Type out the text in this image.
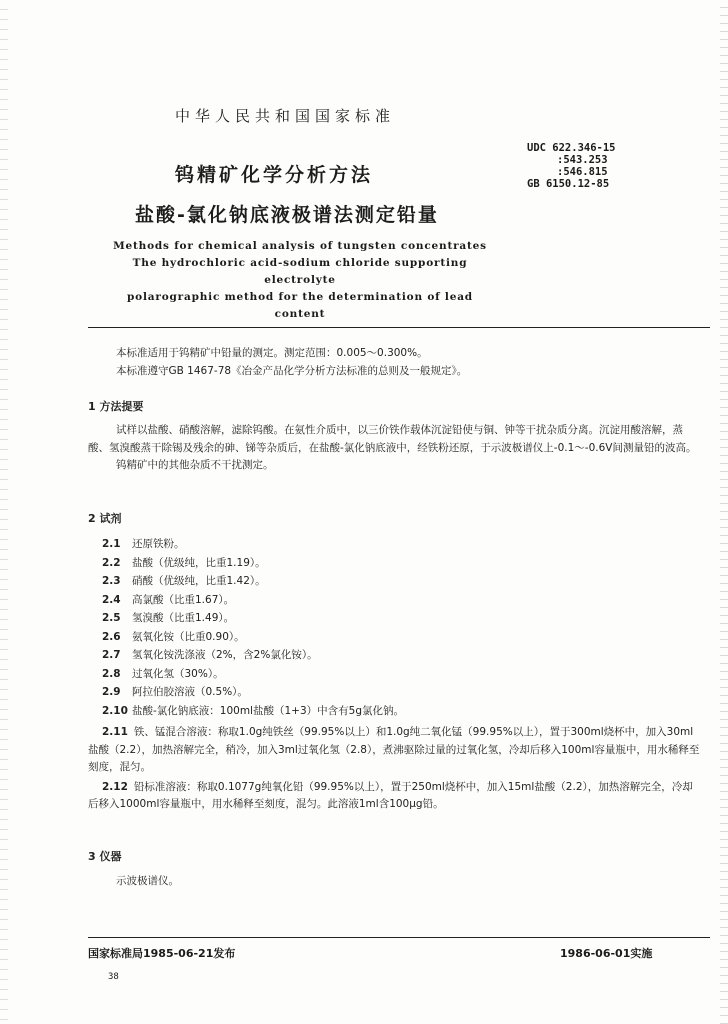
中华人民共和国国家标准
UDC 622.346-15
:543.253
:546.815
GB 6150.12-85
钨精矿化学分析方法
盐酸-氯化钠底液极谱法测定铅量
Methods for chemical analysis of tungsten concentrates
The hydrochloric acid-sodium chloride supporting electrolyte
polarographic method for the determination of lead content

本标准适用于钨精矿中铅量的测定。测定范围：0.005～0.300%。

本标准遵守GB 1467-78《冶金产品化学分析方法标准的总则及一般规定》。

1 方法提要

试样以盐酸、硝酸溶解，滤除钨酸。在氨性介质中，以三价铁作载体沉淀铅使与铜、钟等干扰杂质分离。沉淀用酸溶解，蒸酸、氢溴酸蒸干除锡及残余的砷、锑等杂质后，在盐酸-氯化钠底液中，经铁粉还原，于示波极谱仪上-0.1～-0.6V间测量铅的波高。

钨精矿中的其他杂质不干扰测定。

2 试剂

2.1 还原铁粉。

2.2 盐酸（优级纯，比重1.19）。

2.3 硝酸（优级纯，比重1.42）。

2.4 高氯酸（比重1.67）。

2.5 氢溴酸（比重1.49）。

2.6 氨氧化铵（比重0.90）。

2.7 氢氧化铵洗涤液（2%，含2%氯化铵）。

2.8 过氧化氢（30%）。

2.9 阿拉伯胶溶液（0.5%）。

2.10 盐酸-氯化钠底液：100ml盐酸（1+3）中含有5g氯化钠。

2.11 铁、锰混合溶液：称取1.0g纯铁丝（99.95%以上）和1.0g纯二氧化锰（99.95%以上），置于300ml烧杯中，加入30ml盐酸（2.2），加热溶解完全，稍冷，加入3ml过氧化氢（2.8），煮沸驱除过量的过氧化氢，冷却后移入100ml容量瓶中，用水稀释至刻度，混匀。

2.12 铅标准溶液：称取0.1077g纯氧化铅（99.95%以上），置于250ml烧杯中，加入15ml盐酸（2.2），加热溶解完全，冷却后移入1000ml容量瓶中，用水稀释至刻度，混匀。此溶液1ml含100μg铅。

3 仪器

示波极谱仪。

国家标准局1985-06-21发布	1986-06-01实施
38
